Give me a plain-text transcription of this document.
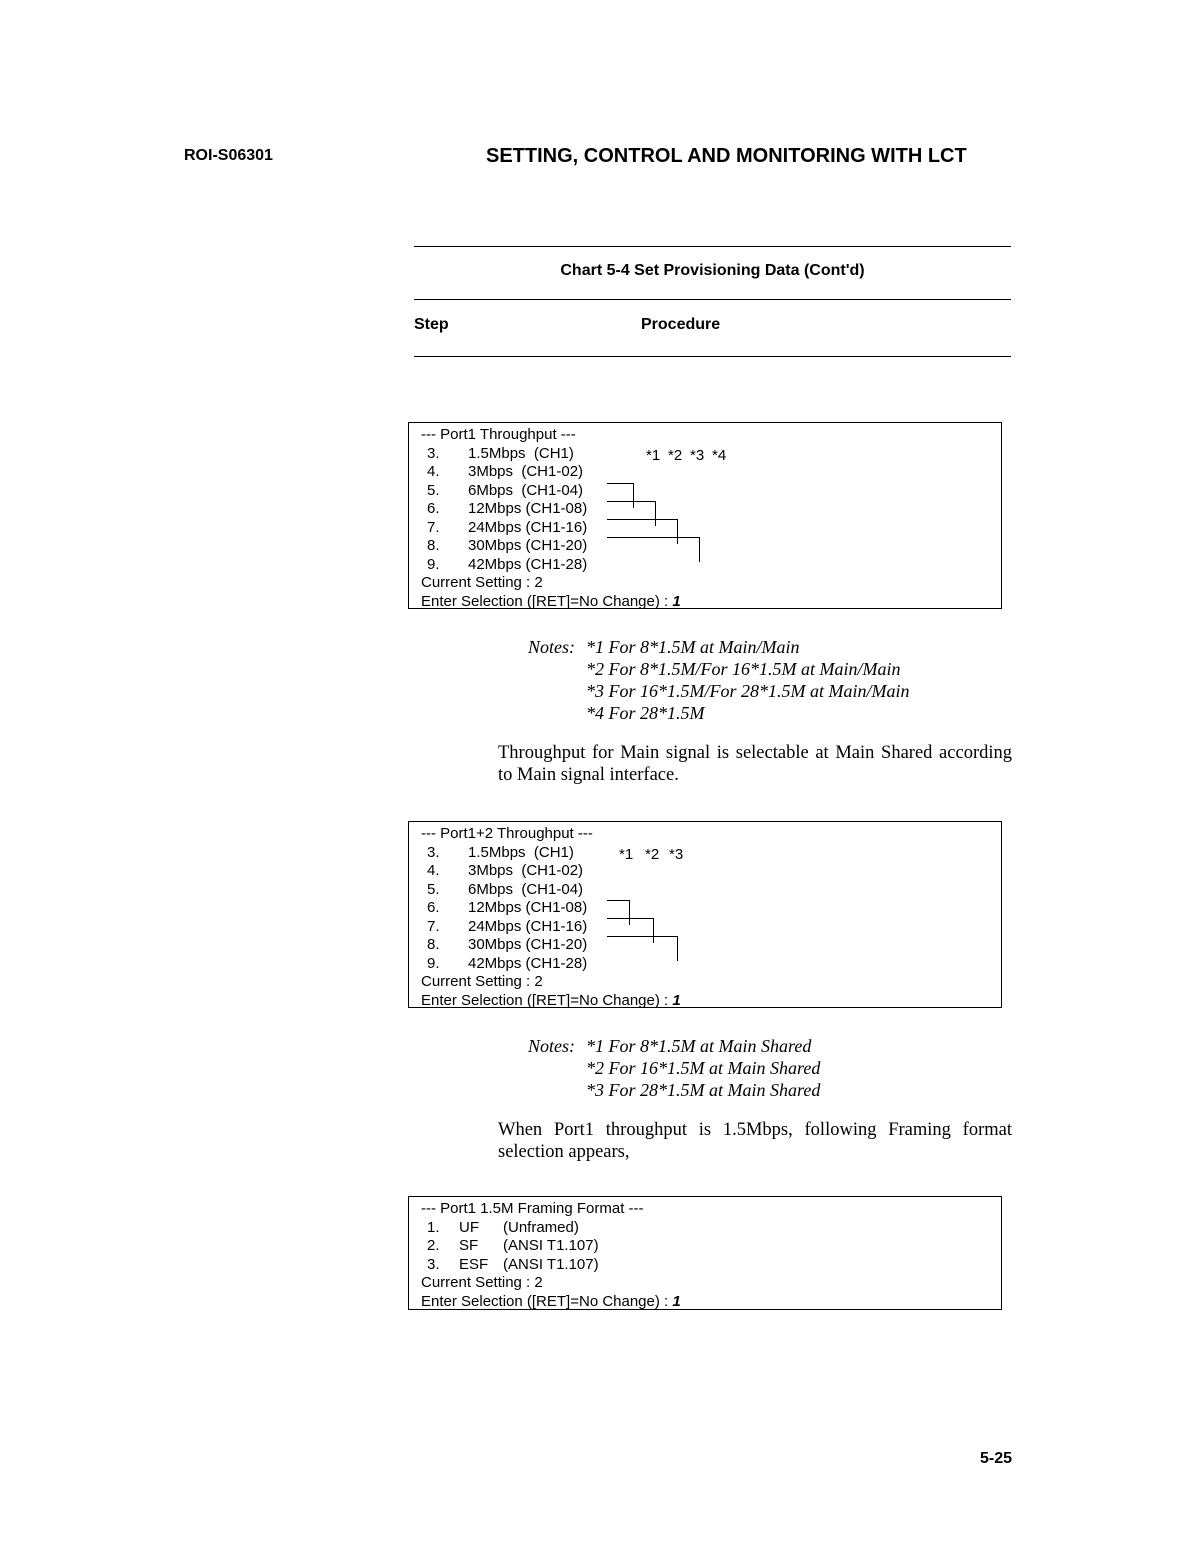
ROI-S06301	SETTING, CONTROL AND MONITORING WITH LCT
Chart 5-4 Set Provisioning Data (Cont'd)
Step	Procedure
--- Port1 Throughput ---
3. 1.5Mbps  (CH1)
4. 3Mbps  (CH1-02)
5. 6Mbps  (CH1-04)
6. 12Mbps (CH1-08)
7. 24Mbps (CH1-16)
8. 30Mbps (CH1-20)
9. 42Mbps (CH1-28)
Current Setting : 2
Enter Selection ([RET]=No Change) : 1
*1 *2 *3 *4
Notes: *1 For 8*1.5M at Main/Main
*2 For 8*1.5M/For 16*1.5M at Main/Main
*3 For 16*1.5M/For 28*1.5M at Main/Main
*4 For 28*1.5M
Throughput for Main signal is selectable at Main Shared according to Main signal interface.
--- Port1+2 Throughput ---
3. 1.5Mbps  (CH1)
4. 3Mbps  (CH1-02)
5. 6Mbps  (CH1-04)
6. 12Mbps (CH1-08)
7. 24Mbps (CH1-16)
8. 30Mbps (CH1-20)
9. 42Mbps (CH1-28)
Current Setting : 2
Enter Selection ([RET]=No Change) : 1
*1 *2 *3
Notes: *1 For 8*1.5M at Main Shared
*2 For 16*1.5M at Main Shared
*3 For 28*1.5M at Main Shared
When Port1 throughput is 1.5Mbps, following Framing format selection appears,
--- Port1 1.5M Framing Format ---
1. UF (Unframed)
2. SF (ANSI T1.107)
3. ESF (ANSI T1.107)
Current Setting : 2
Enter Selection ([RET]=No Change) : 1
5-25
